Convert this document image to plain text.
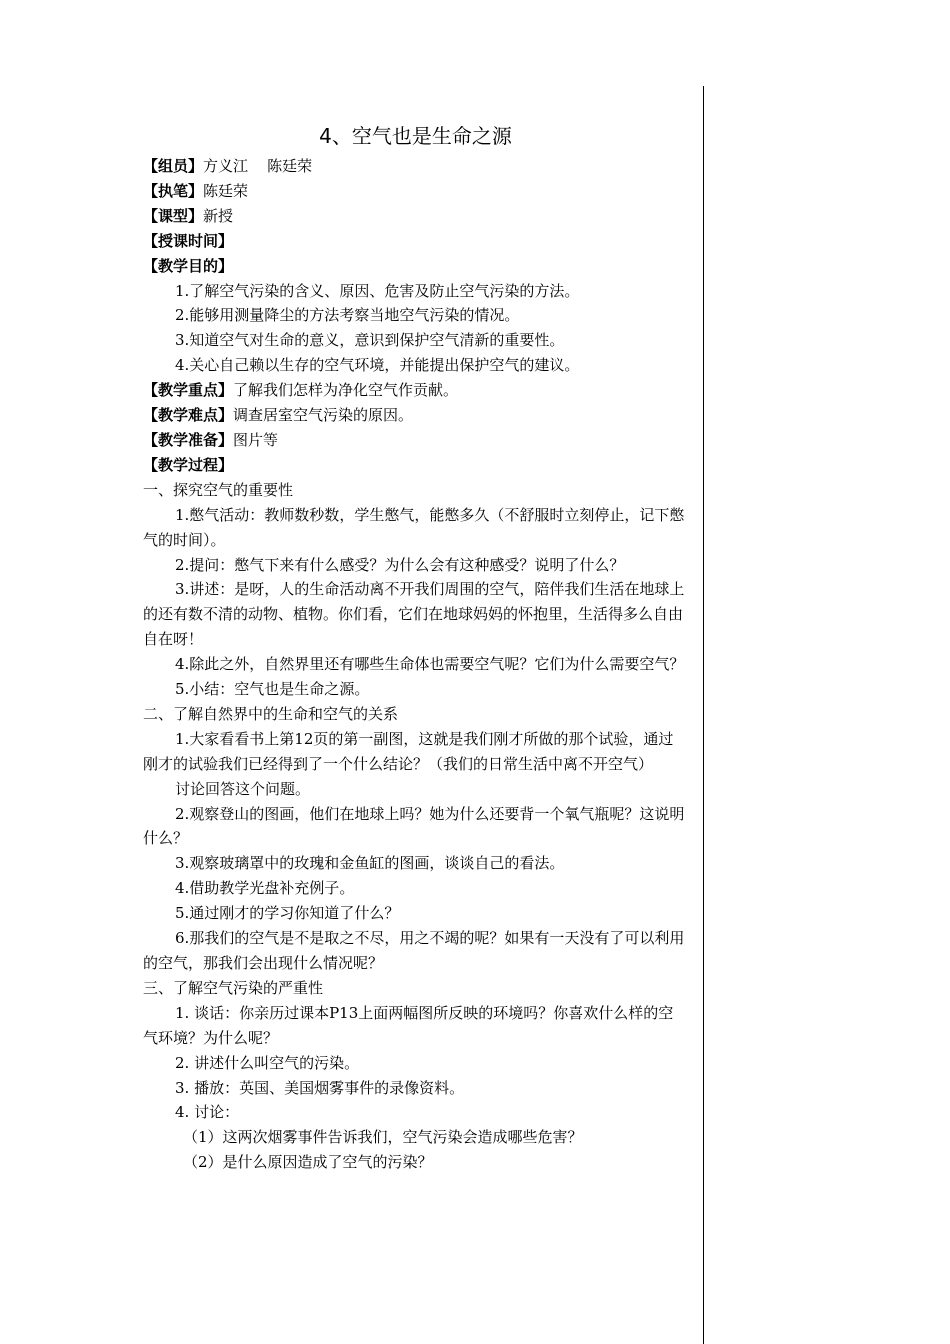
4、空气也是生命之源
【组员】方义江    陈廷荣
【执笔】陈廷荣
【课型】新授
【授课时间】
【教学目的】
1.了解空气污染的含义、原因、危害及防止空气污染的方法。
2.能够用测量降尘的方法考察当地空气污染的情况。
3.知道空气对生命的意义，意识到保护空气清新的重要性。
4.关心自己赖以生存的空气环境，并能提出保护空气的建议。
【教学重点】了解我们怎样为净化空气作贡献。
【教学难点】调查居室空气污染的原因。
【教学准备】图片等
【教学过程】
一、探究空气的重要性
1.憋气活动：教师数秒数，学生憋气，能憋多久（不舒服时立刻停止，记下憋气的时间）。
2.提问：憋气下来有什么感受？为什么会有这种感受？说明了什么？
3.讲述：是呀，人的生命活动离不开我们周围的空气，陪伴我们生活在地球上的还有数不清的动物、植物。你们看，它们在地球妈妈的怀抱里，生活得多么自由自在呀！
4.除此之外，自然界里还有哪些生命体也需要空气呢？它们为什么需要空气？
5.小结：空气也是生命之源。
二、了解自然界中的生命和空气的关系
1.大家看看书上第12页的第一副图，这就是我们刚才所做的那个试验，通过刚才的试验我们已经得到了一个什么结论？（我们的日常生活中离不开空气）
讨论回答这个问题。
2.观察登山的图画，他们在地球上吗？她为什么还要背一个氧气瓶呢？这说明什么？
3.观察玻璃罩中的玫瑰和金鱼缸的图画，谈谈自己的看法。
4.借助教学光盘补充例子。
5.通过刚才的学习你知道了什么？
6.那我们的空气是不是取之不尽，用之不竭的呢？如果有一天没有了可以利用的空气，那我们会出现什么情况呢？
三、了解空气污染的严重性
1. 谈话：你亲历过课本P13上面两幅图所反映的环境吗？你喜欢什么样的空气环境？为什么呢？
2. 讲述什么叫空气的污染。
3. 播放：英国、美国烟雾事件的录像资料。
4. 讨论：
（1）这两次烟雾事件告诉我们，空气污染会造成哪些危害？
（2）是什么原因造成了空气的污染？
